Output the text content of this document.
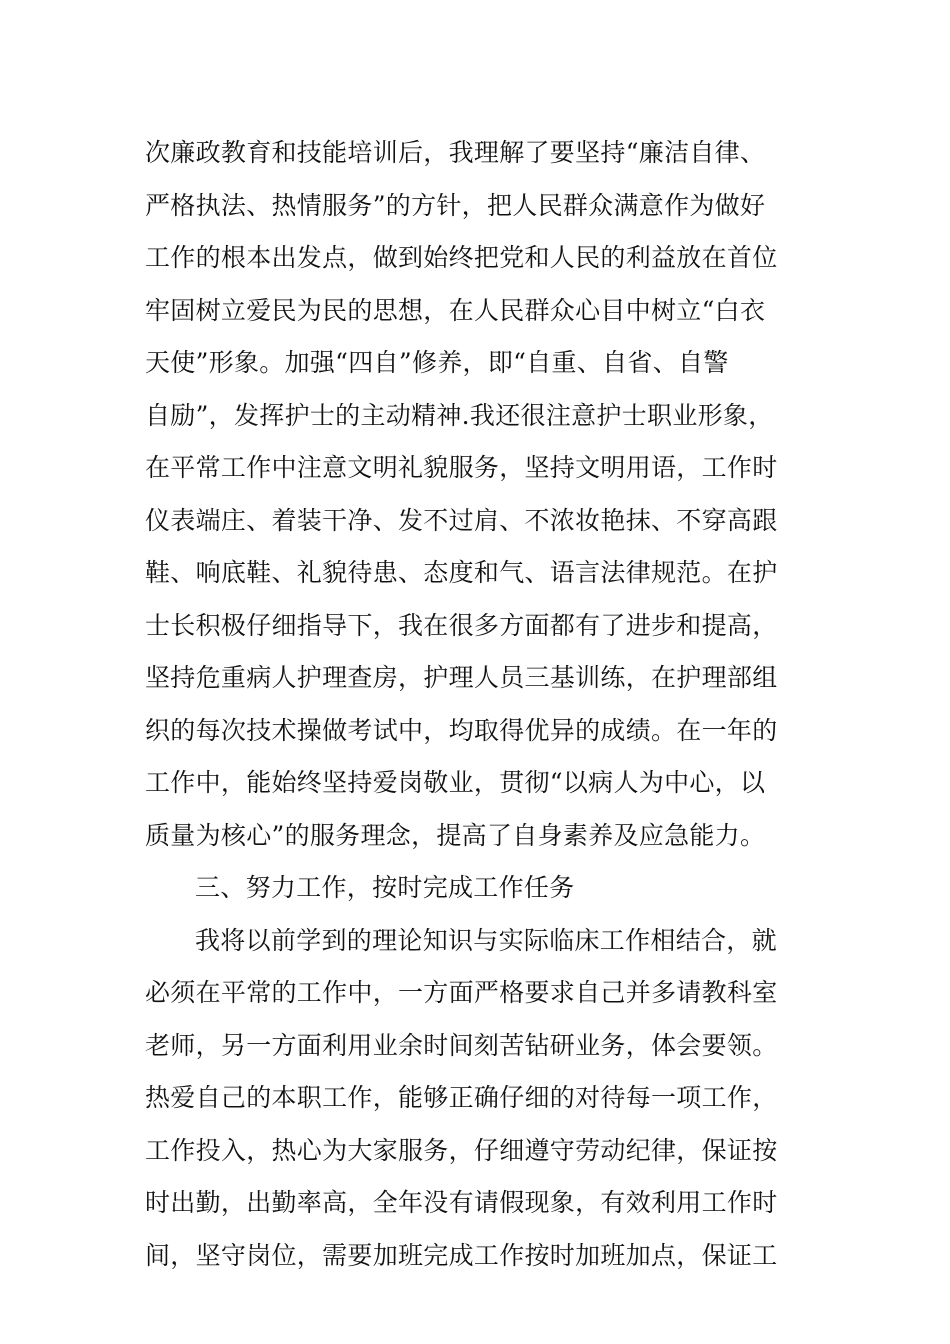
次廉政教育和技能培训后，我理解了要坚持“廉洁自律、
严格执法、热情服务”的方针，把人民群众满意作为做好
工作的根本出发点，做到始终把党和人民的利益放在首位
牢固树立爱民为民的思想，在人民群众心目中树立“白衣
天使”形象。加强“四自”修养，即“自重、自省、自警
自励”，发挥护士的主动精神.我还很注意护士职业形象，
在平常工作中注意文明礼貌服务，坚持文明用语，工作时
仪表端庄、着装干净、发不过肩、不浓妆艳抹、不穿高跟
鞋、响底鞋、礼貌待患、态度和气、语言法律规范。在护
士长积极仔细指导下，我在很多方面都有了进步和提高，
坚持危重病人护理查房，护理人员三基训练，在护理部组
织的每次技术操做考试中，均取得优异的成绩。在一年的
工作中，能始终坚持爱岗敬业，贯彻“以病人为中心，以
质量为核心”的服务理念，提高了自身素养及应急能力。
三、努力工作，按时完成工作任务
我将以前学到的理论知识与实际临床工作相结合，就
必须在平常的工作中，一方面严格要求自己并多请教科室
老师，另一方面利用业余时间刻苦钻研业务，体会要领。
热爱自己的本职工作，能够正确仔细的对待每一项工作，
工作投入，热心为大家服务，仔细遵守劳动纪律，保证按
时出勤，出勤率高，全年没有请假现象，有效利用工作时
间，坚守岗位，需要加班完成工作按时加班加点，保证工
